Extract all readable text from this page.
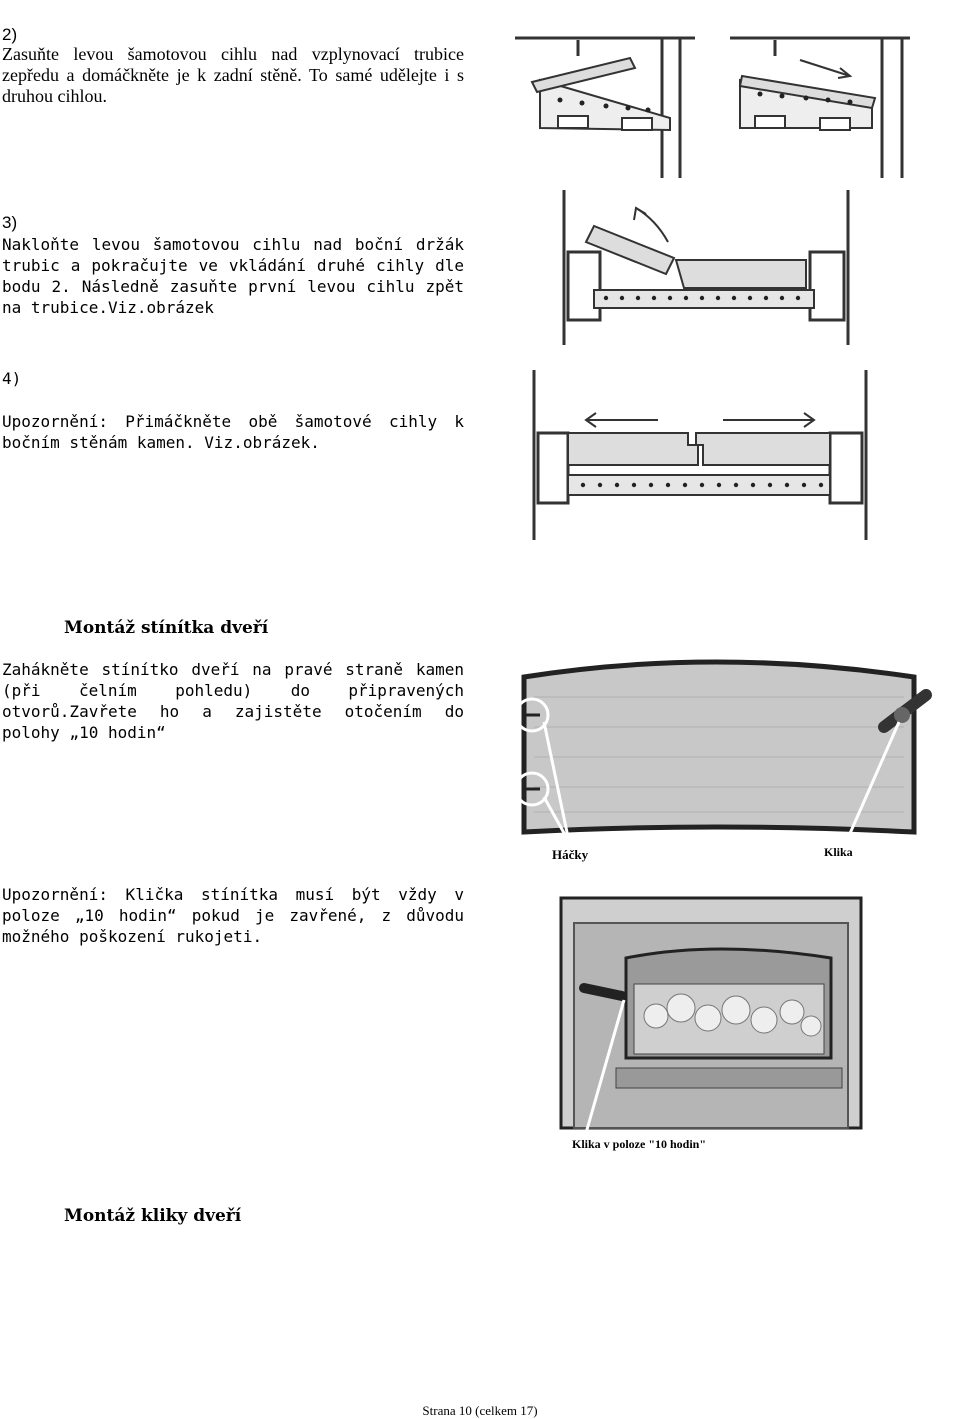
2)

Zasuňte levou šamotovou cihlu nad vzplynovací trubice zepředu a domáčkněte je k zadní stěně. To samé udělejte i s druhou cihlou.

3)

Nakloňte levou šamotovou cihlu nad boční držák trubic a pokračujte ve vkládání druhé cihly dle bodu 2. Následně zasuňte první levou cihlu zpět na trubice.Viz.obrázek

4)

Upozornění: Přimáčkněte obě šamotové cihly k bočním stěnám kamen. Viz.obrázek.

Montáž stínítka dveří

Zahákněte stínítko dveří na pravé straně kamen (při čelním pohledu) do připravených otvorů.Zavřete ho a zajistěte otočením do polohy „10 hodin“

Háčky	Klika

Upozornění: Klička stínítka musí být vždy v poloze „10 hodin“ pokud je zavřené, z důvodu možného poškození rukojeti.

Klika v poloze "10 hodin"
Montáž kliky dveří
Strana 10 (celkem 17)
